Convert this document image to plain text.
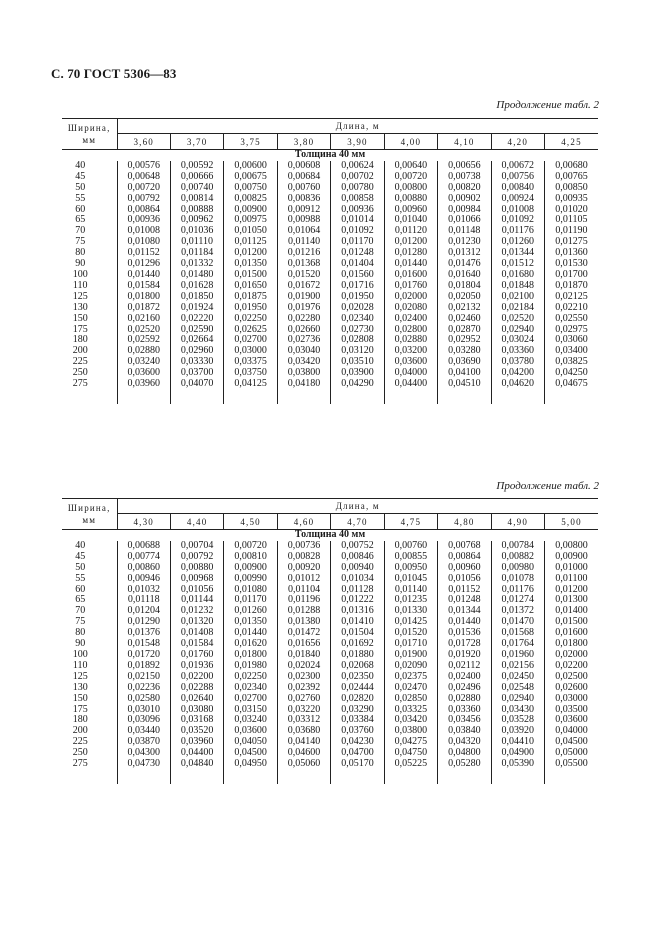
С. 70 ГОСТ 5306—83
Продолжение табл. 2
Ширина,
мм	Длина, м								
	3,60	3,70	3,75	3,80	3,90	4,00	4,10	4,20	4,25
Толщина 40 мм									
40	0,00576	0,00592	0,00600	0,00608	0,00624	0,00640	0,00656	0,00672	0,00680
45	0,00648	0,00666	0,00675	0,00684	0,00702	0,00720	0,00738	0,00756	0,00765
50	0,00720	0,00740	0,00750	0,00760	0,00780	0,00800	0,00820	0,00840	0,00850
55	0,00792	0,00814	0,00825	0,00836	0,00858	0,00880	0,00902	0,00924	0,00935
60	0,00864	0,00888	0,00900	0,00912	0,00936	0,00960	0,00984	0,01008	0,01020
65	0,00936	0,00962	0,00975	0,00988	0,01014	0,01040	0,01066	0,01092	0,01105
70	0,01008	0,01036	0,01050	0,01064	0,01092	0,01120	0,01148	0,01176	0,01190
75	0,01080	0,01110	0,01125	0,01140	0,01170	0,01200	0,01230	0,01260	0,01275
80	0,01152	0,01184	0,01200	0,01216	0,01248	0,01280	0,01312	0,01344	0,01360
90	0,01296	0,01332	0,01350	0,01368	0,01404	0,01440	0,01476	0,01512	0,01530
100	0,01440	0,01480	0,01500	0,01520	0,01560	0,01600	0,01640	0,01680	0,01700
110	0,01584	0,01628	0,01650	0,01672	0,01716	0,01760	0,01804	0,01848	0,01870
125	0,01800	0,01850	0,01875	0,01900	0,01950	0,02000	0,02050	0,02100	0,02125
130	0,01872	0,01924	0,01950	0,01976	0,02028	0,02080	0,02132	0,02184	0,02210
150	0,02160	0,02220	0,02250	0,02280	0,02340	0,02400	0,02460	0,02520	0,02550
175	0,02520	0,02590	0,02625	0,02660	0,02730	0,02800	0,02870	0,02940	0,02975
180	0,02592	0,02664	0,02700	0,02736	0,02808	0,02880	0,02952	0,03024	0,03060
200	0,02880	0,02960	0,03000	0,03040	0,03120	0,03200	0,03280	0,03360	0,03400
225	0,03240	0,03330	0,03375	0,03420	0,03510	0,03600	0,03690	0,03780	0,03825
250	0,03600	0,03700	0,03750	0,03800	0,03900	0,04000	0,04100	0,04200	0,04250
275	0,03960	0,04070	0,04125	0,04180	0,04290	0,04400	0,04510	0,04620	0,04675

Продолжение табл. 2
Ширина,
мм	Длина, м								
	4,30	4,40	4,50	4,60	4,70	4,75	4,80	4,90	5,00
Толщина 40 мм									
40	0,00688	0,00704	0,00720	0,00736	0,00752	0,00760	0,00768	0,00784	0,00800
45	0,00774	0,00792	0,00810	0,00828	0,00846	0,00855	0,00864	0,00882	0,00900
50	0,00860	0,00880	0,00900	0,00920	0,00940	0,00950	0,00960	0,00980	0,01000
55	0,00946	0,00968	0,00990	0,01012	0,01034	0,01045	0,01056	0,01078	0,01100
60	0,01032	0,01056	0,01080	0,01104	0,01128	0,01140	0,01152	0,01176	0,01200
65	0,01118	0,01144	0,01170	0,01196	0,01222	0,01235	0,01248	0,01274	0,01300
70	0,01204	0,01232	0,01260	0,01288	0,01316	0,01330	0,01344	0,01372	0,01400
75	0,01290	0,01320	0,01350	0,01380	0,01410	0,01425	0,01440	0,01470	0,01500
80	0,01376	0,01408	0,01440	0,01472	0,01504	0,01520	0,01536	0,01568	0,01600
90	0,01548	0,01584	0,01620	0,01656	0,01692	0,01710	0,01728	0,01764	0,01800
100	0,01720	0,01760	0,01800	0,01840	0,01880	0,01900	0,01920	0,01960	0,02000
110	0,01892	0,01936	0,01980	0,02024	0,02068	0,02090	0,02112	0,02156	0,02200
125	0,02150	0,02200	0,02250	0,02300	0,02350	0,02375	0,02400	0,02450	0,02500
130	0,02236	0,02288	0,02340	0,02392	0,02444	0,02470	0,02496	0,02548	0,02600
150	0,02580	0,02640	0,02700	0,02760	0,02820	0,02850	0,02880	0,02940	0,03000
175	0,03010	0,03080	0,03150	0,03220	0,03290	0,03325	0,03360	0,03430	0,03500
180	0,03096	0,03168	0,03240	0,03312	0,03384	0,03420	0,03456	0,03528	0,03600
200	0,03440	0,03520	0,03600	0,03680	0,03760	0,03800	0,03840	0,03920	0,04000
225	0,03870	0,03960	0,04050	0,04140	0,04230	0,04275	0,04320	0,04410	0,04500
250	0,04300	0,04400	0,04500	0,04600	0,04700	0,04750	0,04800	0,04900	0,05000
275	0,04730	0,04840	0,04950	0,05060	0,05170	0,05225	0,05280	0,05390	0,05500
